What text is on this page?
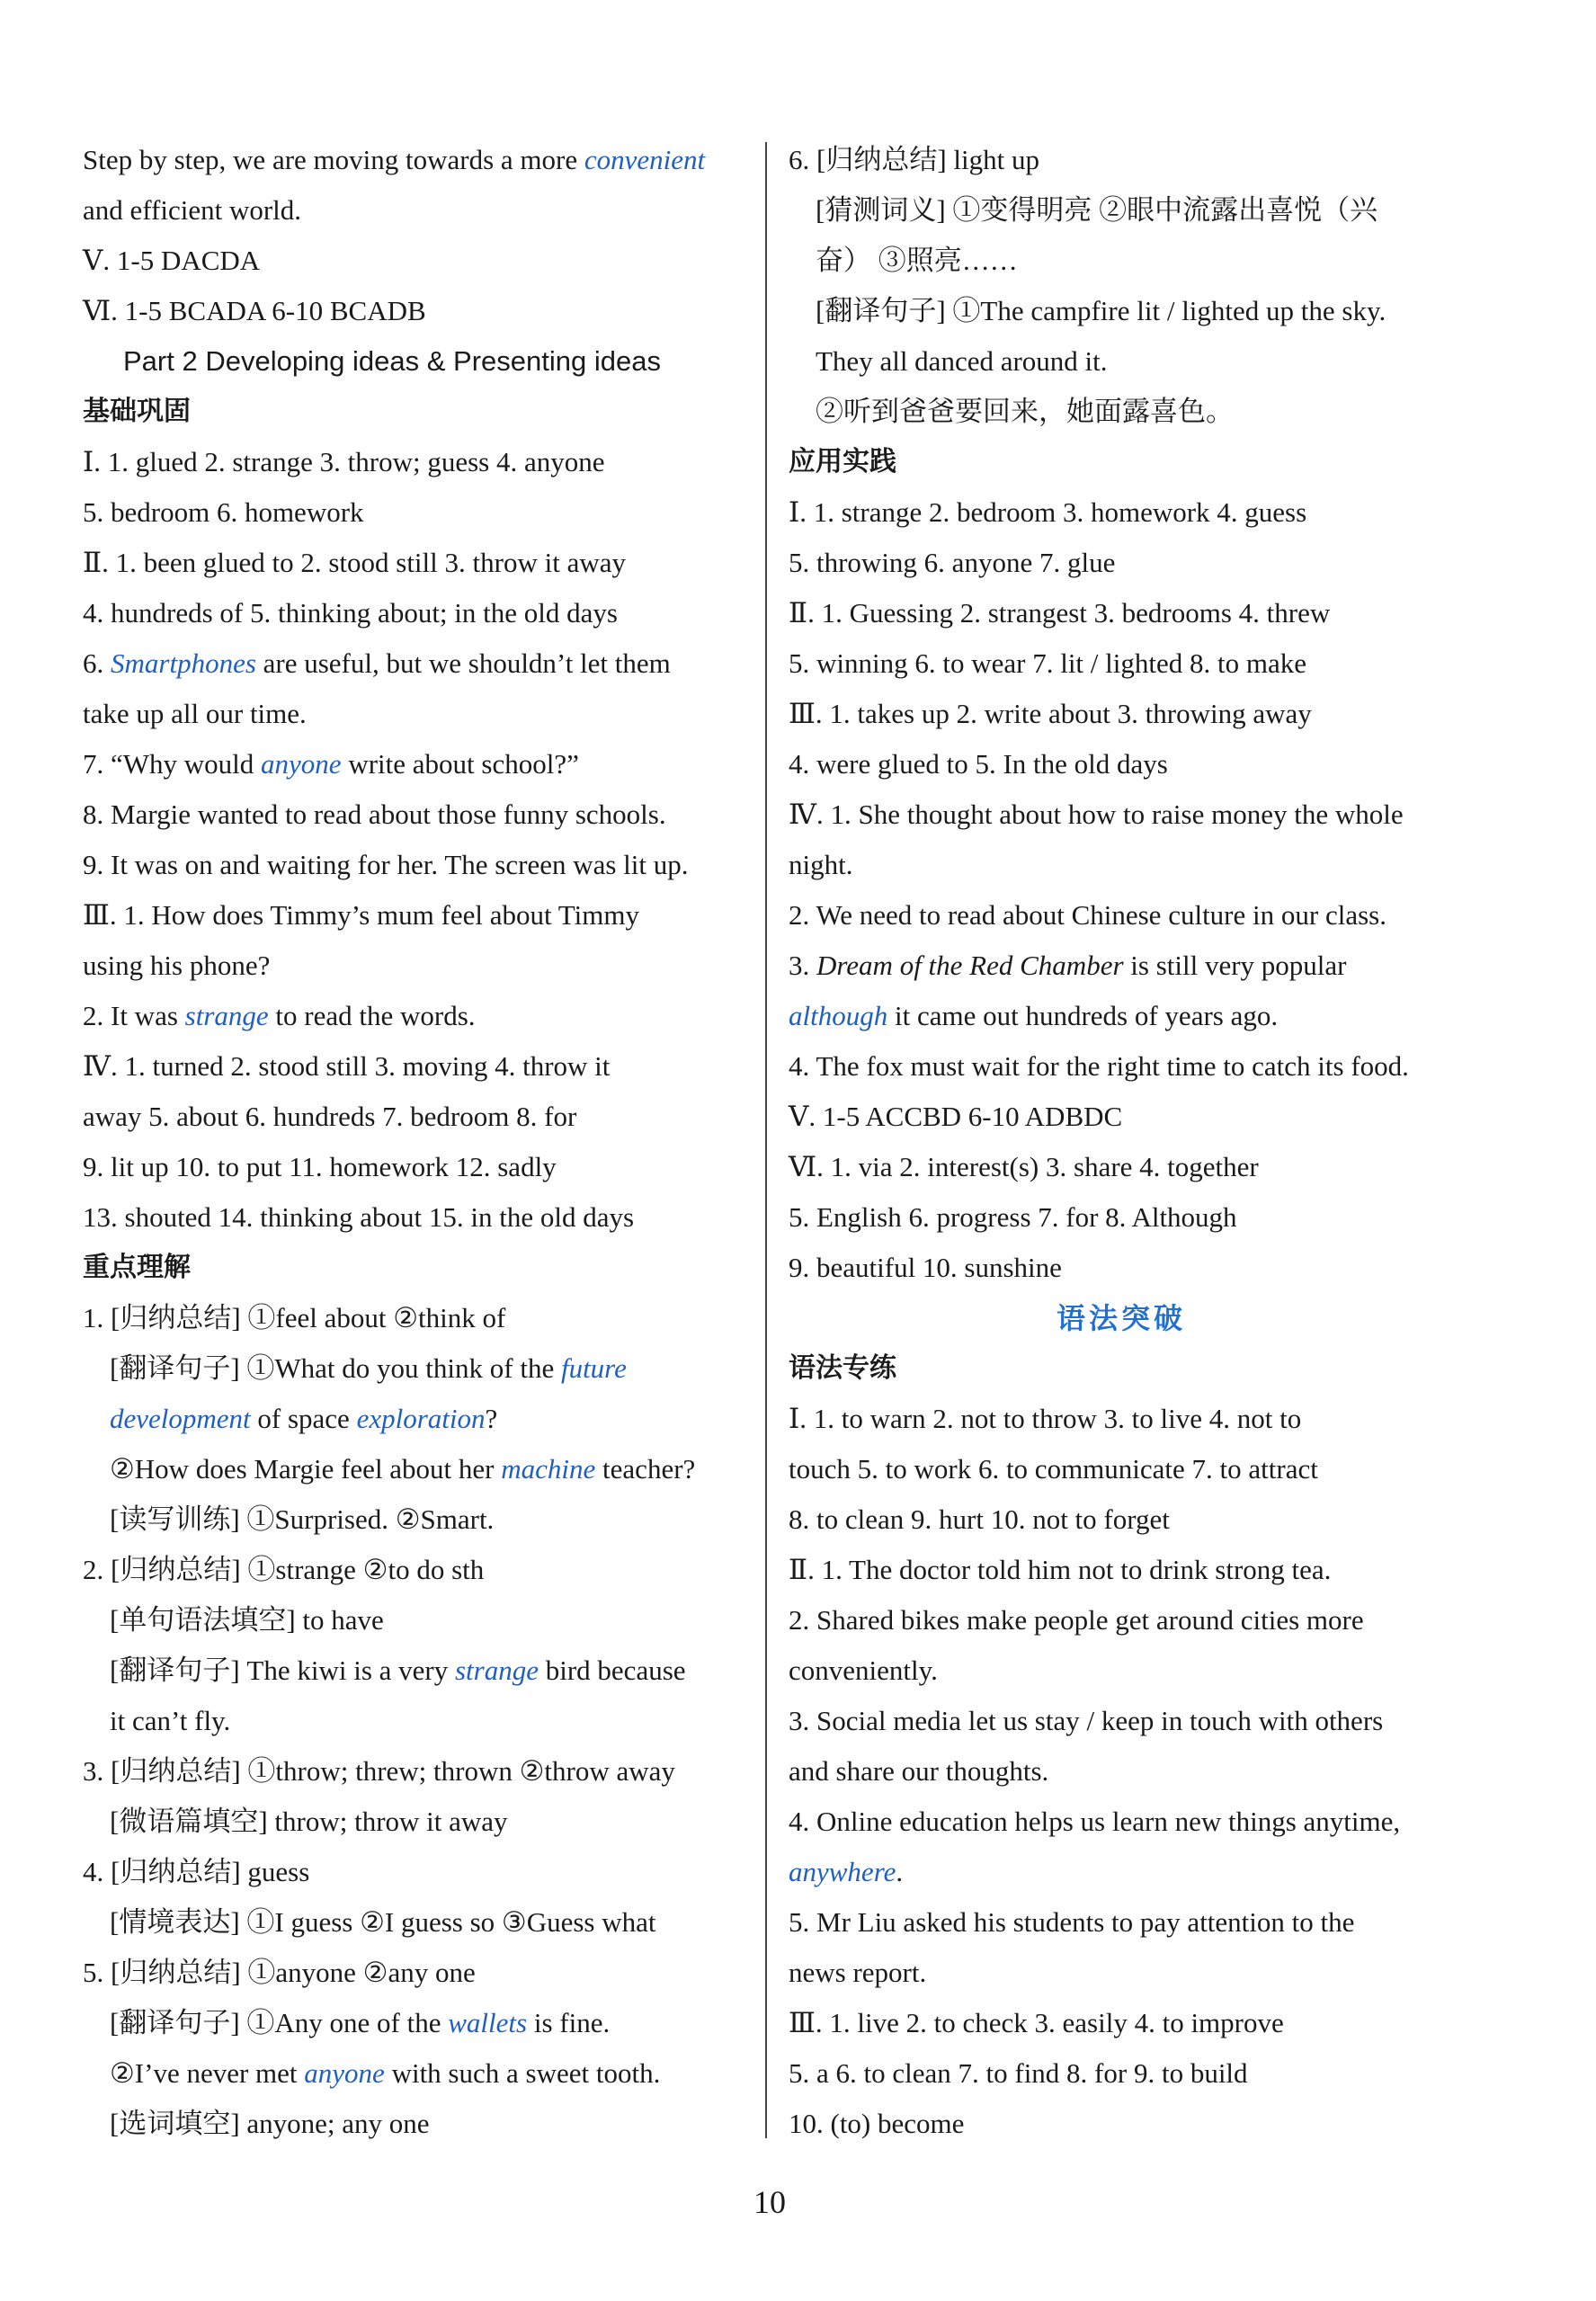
Step by step, we are moving towards a more convenient
and efficient world.
Ⅴ. 1-5 DACDA
Ⅵ. 1-5 BCADA 6-10 BCADB
Part 2 Developing ideas & Presenting ideas
基础巩固
Ⅰ. 1. glued 2. strange 3. throw; guess 4. anyone
5. bedroom 6. homework
Ⅱ. 1. been glued to 2. stood still 3. throw it away
4. hundreds of 5. thinking about; in the old days
6. Smartphones are useful, but we shouldn’t let them
take up all our time.
7. “Why would anyone write about school?”
8. Margie wanted to read about those funny schools.
9. It was on and waiting for her. The screen was lit up.
Ⅲ. 1. How does Timmy’s mum feel about Timmy
using his phone?
2. It was strange to read the words.
Ⅳ. 1. turned 2. stood still 3. moving 4. throw it
away 5. about 6. hundreds 7. bedroom 8. for
9. lit up 10. to put 11. homework 12. sadly
13. shouted 14. thinking about 15. in the old days
重点理解
1. [归纳总结] ①feel about ②think of
[翻译句子] ①What do you think of the future
development of space exploration?
②How does Margie feel about her machine teacher?
[读写训练] ①Surprised. ②Smart.
2. [归纳总结] ①strange ②to do sth
[单句语法填空] to have
[翻译句子] The kiwi is a very strange bird because
it can’t fly.
3. [归纳总结] ①throw; threw; thrown ②throw away
[微语篇填空] throw; throw it away
4. [归纳总结] guess
[情境表达] ①I guess ②I guess so ③Guess what
5. [归纳总结] ①anyone ②any one
[翻译句子] ①Any one of the wallets is fine.
②I’ve never met anyone with such a sweet tooth.
[选词填空] anyone; any one
6. [归纳总结] light up
[猜测词义] ①变得明亮 ②眼中流露出喜悦（兴
奋） ③照亮……
[翻译句子] ①The campfire lit / lighted up the sky.
They all danced around it.
②听到爸爸要回来，她面露喜色。
应用实践
Ⅰ. 1. strange 2. bedroom 3. homework 4. guess
5. throwing 6. anyone 7. glue
Ⅱ. 1. Guessing 2. strangest 3. bedrooms 4. threw
5. winning 6. to wear 7. lit / lighted 8. to make
Ⅲ. 1. takes up 2. write about 3. throwing away
4. were glued to 5. In the old days
Ⅳ. 1. She thought about how to raise money the whole
night.
2. We need to read about Chinese culture in our class.
3. Dream of the Red Chamber is still very popular
although it came out hundreds of years ago.
4. The fox must wait for the right time to catch its food.
Ⅴ. 1-5 ACCBD 6-10 ADBDC
Ⅵ. 1. via 2. interest(s) 3. share 4. together
5. English 6. progress 7. for 8. Although
9. beautiful 10. sunshine
语法突破
语法专练
Ⅰ. 1. to warn 2. not to throw 3. to live 4. not to
touch 5. to work 6. to communicate 7. to attract
8. to clean 9. hurt 10. not to forget
Ⅱ. 1. The doctor told him not to drink strong tea.
2. Shared bikes make people get around cities more
conveniently.
3. Social media let us stay / keep in touch with others
and share our thoughts.
4. Online education helps us learn new things anytime,
anywhere.
5. Mr Liu asked his students to pay attention to the
news report.
Ⅲ. 1. live 2. to check 3. easily 4. to improve
5. a 6. to clean 7. to find 8. for 9. to build
10. (to) become
10
